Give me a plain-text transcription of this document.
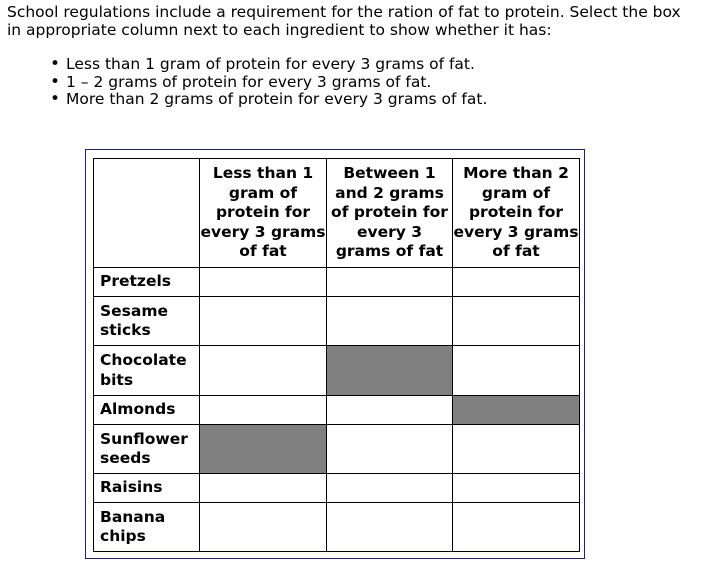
School regulations include a requirement for the ration of fat to protein. Select the box in appropriate column next to each ingredient to show whether it has:
• Less than 1 gram of protein for every 3 grams of fat.
• 1 – 2 grams of protein for every 3 grams of fat.
• More than 2 grams of protein for every 3 grams of fat.
	Less than 1 gram of protein for every 3 grams of fat	Between 1 and 2 grams of protein for every 3 grams of fat	More than 2 gram of protein for every 3 grams of fat
Pretzels			
Sesame sticks			
Chocolate bits			
Almonds			
Sunflower seeds			
Raisins			
Banana chips			
